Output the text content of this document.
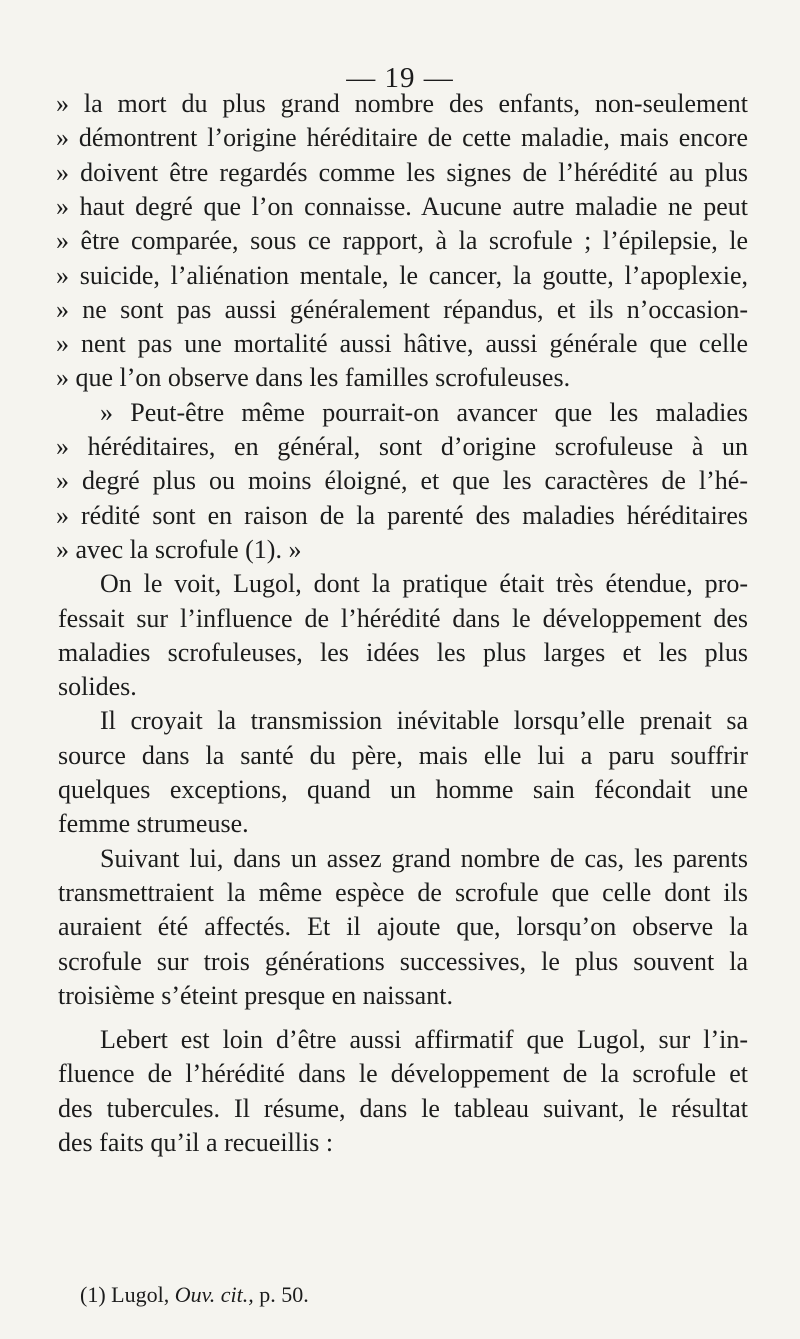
— 19 —
» la mort du plus grand nombre des enfants, non-seulement
» démontrent l’origine héréditaire de cette maladie, mais encore
» doivent être regardés comme les signes de l’hérédité au plus
» haut degré que l’on connaisse. Aucune autre maladie ne peut
» être comparée, sous ce rapport, à la scrofule ; l’épilepsie, le
» suicide, l’aliénation mentale, le cancer, la goutte, l’apoplexie,
» ne sont pas aussi généralement répandus, et ils n’occasion-
» nent pas une mortalité aussi hâtive, aussi générale que celle
» que l’on observe dans les familles scrofuleuses.
» Peut-être même pourrait-on avancer que les maladies
» héréditaires, en général, sont d’origine scrofuleuse à un
» degré plus ou moins éloigné, et que les caractères de l’hé-
» rédité sont en raison de la parenté des maladies héréditaires
» avec la scrofule (1). »
On le voit, Lugol, dont la pratique était très étendue, pro-
fessait sur l’influence de l’hérédité dans le développement des
maladies scrofuleuses, les idées les plus larges et les plus
solides.
Il croyait la transmission inévitable lorsqu’elle prenait sa
source dans la santé du père, mais elle lui a paru souffrir
quelques exceptions, quand un homme sain fécondait une
femme strumeuse.
Suivant lui, dans un assez grand nombre de cas, les parents
transmettraient la même espèce de scrofule que celle dont ils
auraient été affectés. Et il ajoute que, lorsqu’on observe la
scrofule sur trois générations successives, le plus souvent la
troisième s’éteint presque en naissant.
Lebert est loin d’être aussi affirmatif que Lugol, sur l’in-
fluence de l’hérédité dans le développement de la scrofule et
des tubercules. Il résume, dans le tableau suivant, le résultat
des faits qu’il a recueillis :
(1) Lugol, Ouv. cit., p. 50.
